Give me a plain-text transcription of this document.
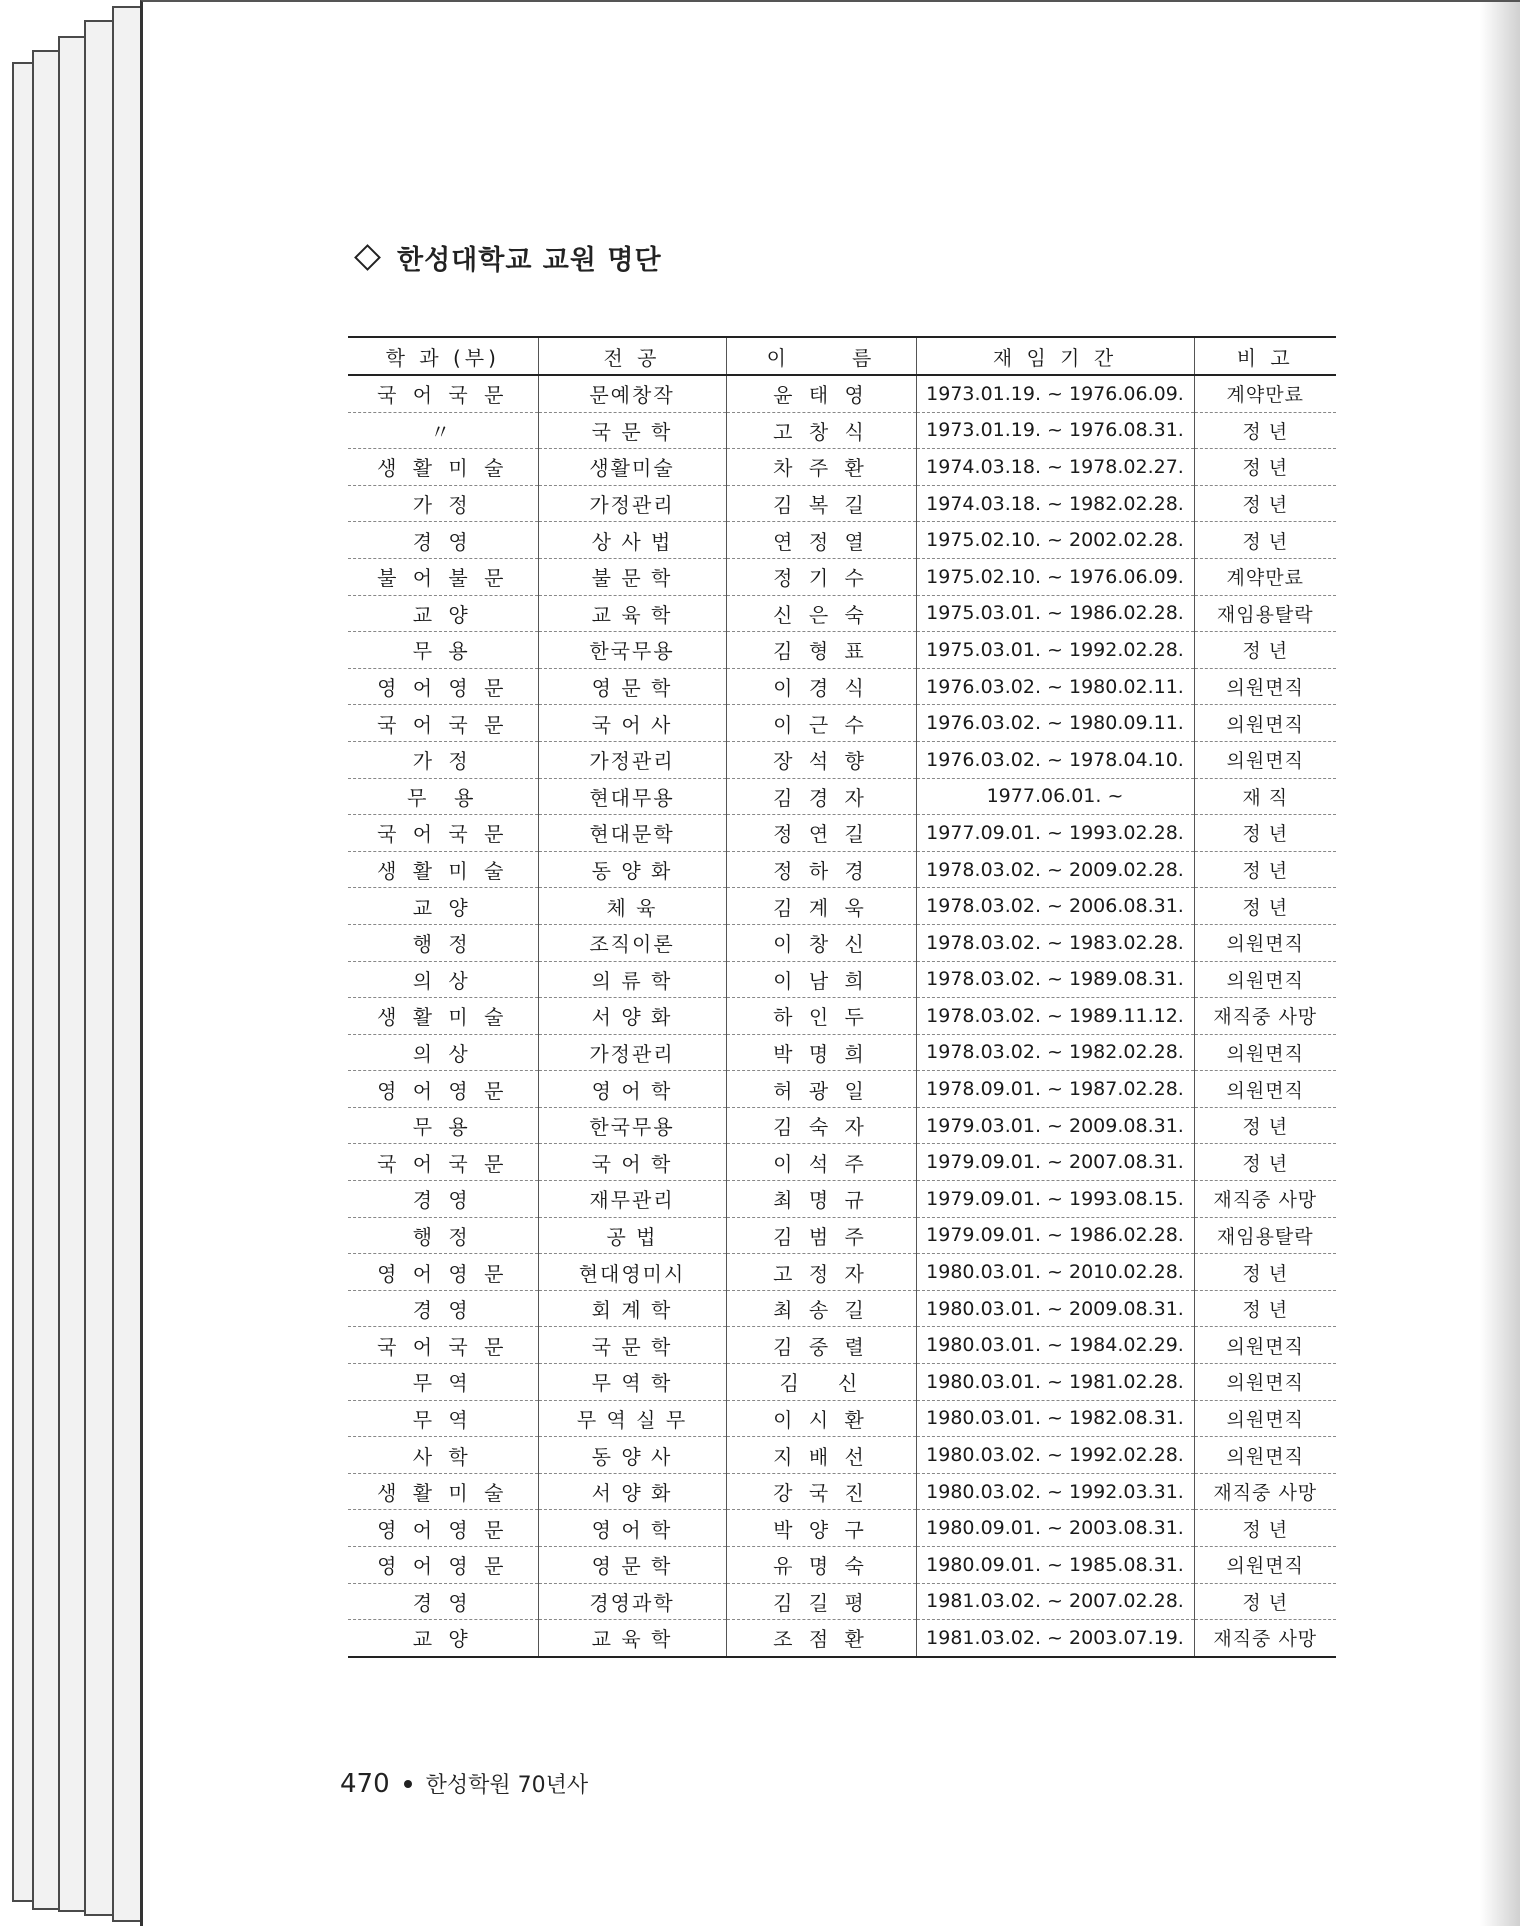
한성대학교 교원 명단
학 과 (부)	전 공	이      름	재 임 기 간	비 고
국 어 국 문	문예창작	윤 태 영	1973.01.19. ~ 1976.06.09.	계약만료
〃	국 문 학	고 창 식	1973.01.19. ~ 1976.08.31.	정 년
생 활 미 술	생활미술	차 주 환	1974.03.18. ~ 1978.02.27.	정 년
가 정	가정관리	김 복 길	1974.03.18. ~ 1982.02.28.	정 년
경 영	상 사 법	연 정 열	1975.02.10. ~ 2002.02.28.	정 년
불 어 불 문	불 문 학	정 기 수	1975.02.10. ~ 1976.06.09.	계약만료
교 양	교 육 학	신 은 숙	1975.03.01. ~ 1986.02.28.	재임용탈락
무 용	한국무용	김 형 표	1975.03.01. ~ 1992.02.28.	정 년
영 어 영 문	영 문 학	이 경 식	1976.03.02. ~ 1980.02.11.	의원면직
국 어 국 문	국 어 사	이 근 수	1976.03.02. ~ 1980.09.11.	의원면직
가 정	가정관리	장 석 향	1976.03.02. ~ 1978.04.10.	의원면직
무  용	현대무용	김 경 자	1977.06.01. ~	재 직
국 어 국 문	현대문학	정 연 길	1977.09.01. ~ 1993.02.28.	정 년
생 활 미 술	동 양 화	정 하 경	1978.03.02. ~ 2009.02.28.	정 년
교 양	체 육	김 계 욱	1978.03.02. ~ 2006.08.31.	정 년
행 정	조직이론	이 창 신	1978.03.02. ~ 1983.02.28.	의원면직
의 상	의 류 학	이 남 희	1978.03.02. ~ 1989.08.31.	의원면직
생 활 미 술	서 양 화	하 인 두	1978.03.02. ~ 1989.11.12.	재직중 사망
의 상	가정관리	박 명 희	1978.03.02. ~ 1982.02.28.	의원면직
영 어 영 문	영 어 학	허 광 일	1978.09.01. ~ 1987.02.28.	의원면직
무 용	한국무용	김 숙 자	1979.03.01. ~ 2009.08.31.	정 년
국 어 국 문	국 어 학	이 석 주	1979.09.01. ~ 2007.08.31.	정 년
경 영	재무관리	최 명 규	1979.09.01. ~ 1993.08.15.	재직중 사망
행 정	공 법	김 범 주	1979.09.01. ~ 1986.02.28.	재임용탈락
영 어 영 문	현대영미시	고 정 자	1980.03.01. ~ 2010.02.28.	정 년
경 영	회 계 학	최 송 길	1980.03.01. ~ 2009.08.31.	정 년
국 어 국 문	국 문 학	김 중 렬	1980.03.01. ~ 1984.02.29.	의원면직
무 역	무 역 학	김   신	1980.03.01. ~ 1981.02.28.	의원면직
무 역	무 역 실 무	이 시 환	1980.03.01. ~ 1982.08.31.	의원면직
사 학	동 양 사	지 배 선	1980.03.02. ~ 1992.02.28.	의원면직
생 활 미 술	서 양 화	강 국 진	1980.03.02. ~ 1992.03.31.	재직중 사망
영 어 영 문	영 어 학	박 양 구	1980.09.01. ~ 2003.08.31.	정 년
영 어 영 문	영 문 학	유 명 숙	1980.09.01. ~ 1985.08.31.	의원면직
경 영	경영과학	김 길 평	1981.03.02. ~ 2007.02.28.	정 년
교 양	교 육 학	조 점 환	1981.03.02. ~ 2003.07.19.	재직중 사망
470 한성학원 70년사
